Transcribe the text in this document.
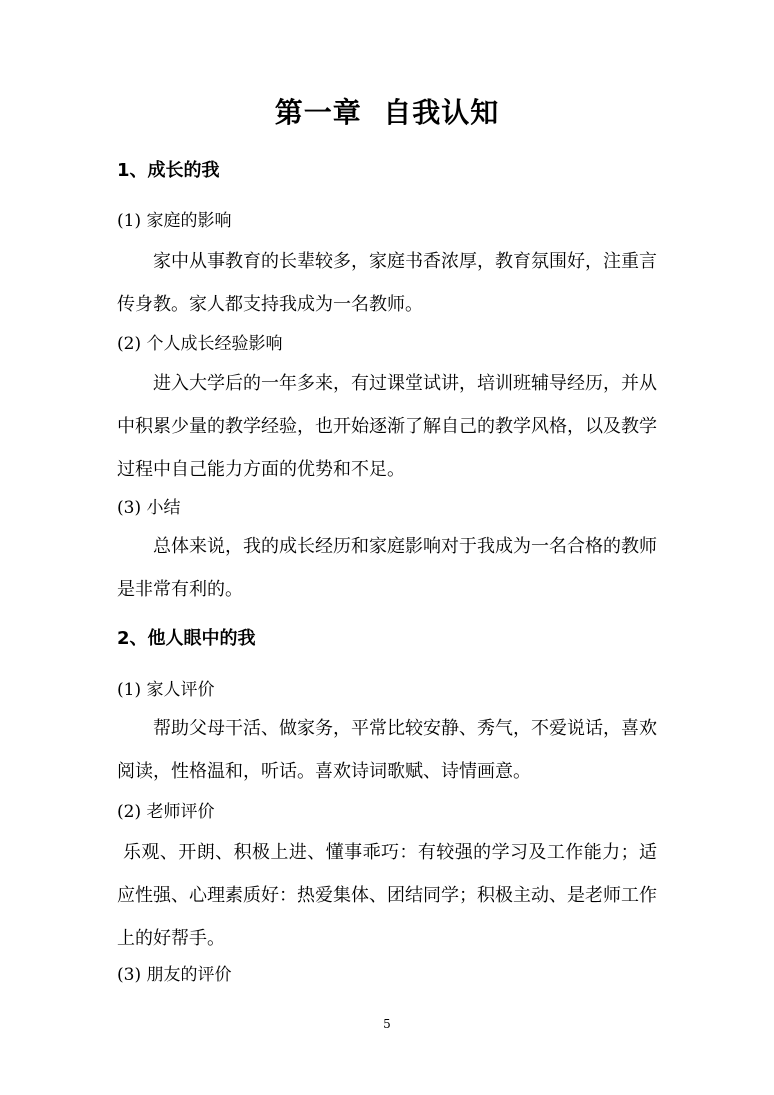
第一章  自我认知
1、成长的我
(1) 家庭的影响
家中从事教育的长辈较多，家庭书香浓厚，教育氛围好，注重言传身教。家人都支持我成为一名教师。
(2) 个人成长经验影响
进入大学后的一年多来，有过课堂试讲，培训班辅导经历，并从中积累少量的教学经验，也开始逐渐了解自己的教学风格，以及教学过程中自己能力方面的优势和不足。
(3) 小结
总体来说，我的成长经历和家庭影响对于我成为一名合格的教师是非常有利的。
2、他人眼中的我
(1) 家人评价
帮助父母干活、做家务，平常比较安静、秀气，不爱说话，喜欢阅读，性格温和，听话。喜欢诗词歌赋、诗情画意。
(2) 老师评价
乐观、开朗、积极上进、懂事乖巧：有较强的学习及工作能力；适应性强、心理素质好：热爱集体、团结同学；积极主动、是老师工作上的好帮手。
(3) 朋友的评价
5
